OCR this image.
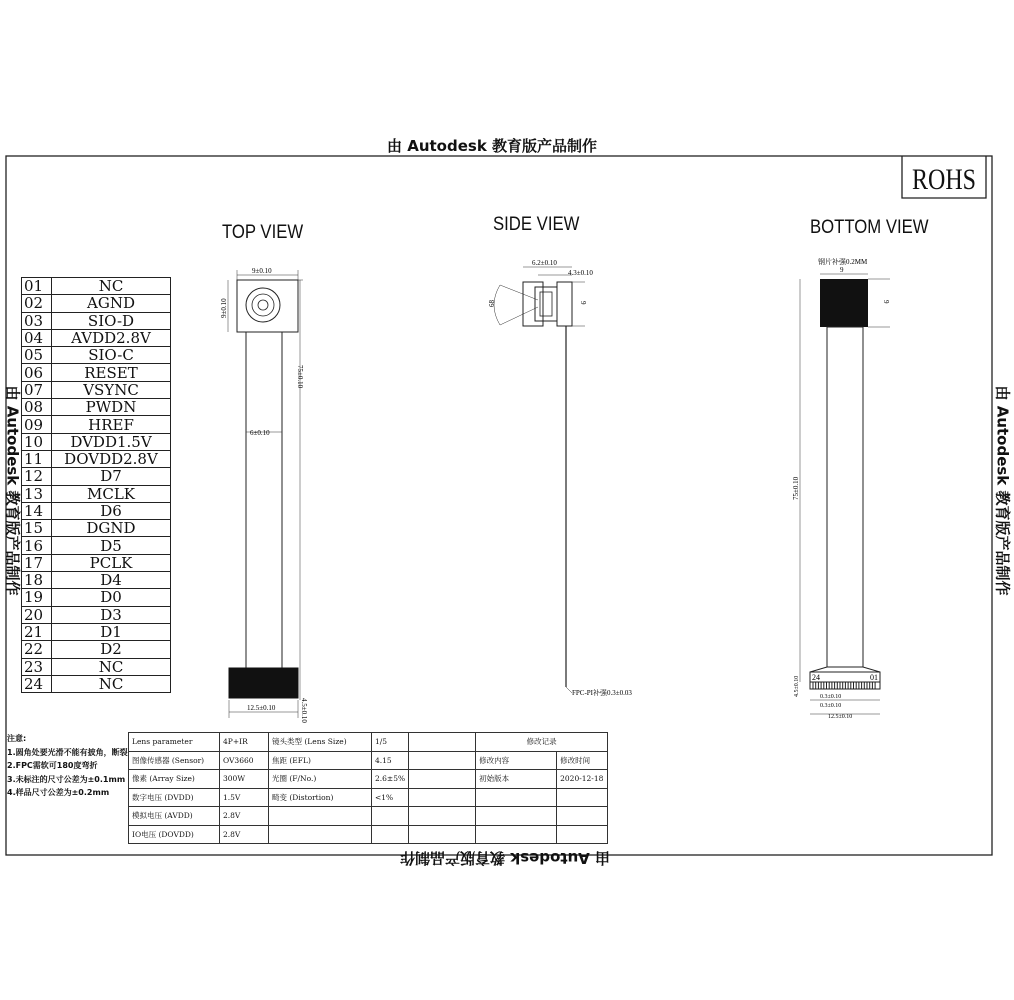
由 Autodesk 教育版产品制作
由 Autodesk 教育版产品制作
由 Autodesk 教育版产品制作
由 Autodesk 教育版产品制作
ROHS
TOP VIEW	SIDE VIEW	BOTTOM VIEW
01	NC
02	AGND
03	SIO-D
04	AVDD2.8V
05	SIO-C
06	RESET
07	VSYNC
08	PWDN
09	HREF
10	DVDD1.5V
11	DOVDD2.8V
12	D7
13	MCLK
14	D6
15	DGND
16	D5
17	PCLK
18	D4
19	D0
20	D3
21	D1
22	D2
23	NC
24	NC
9±0.10
9±0.10
6±0.10
75±0.10
12.5±0.10	4.5±0.10
6.2±0.10
4.3±0.10
68	9
FPC-PI补强0.3±0.03
钢片补强0.2MM
9
9
75±0.10
24	01
4.5±0.10	0.3±0.10
0.3±0.10
12.5±0.10
注意:
1.圆角处要光滑不能有披角，断裂
2.FPC需软可180度弯折
3.未标注的尺寸公差为±0.1mm
4.样品尺寸公差为±0.2mm
Lens parameter	4P+IR	镜头类型 (Lens Size)	1/5		修改记录	
图像传感器 (Sensor)	OV3660	焦距 (EFL)	4.15		修改内容	修改时间
像素 (Array Size)	300W	光圈 (F/No.)	2.6±5%		初始版本	2020-12-18
数字电压 (DVDD)	1.5V	畸变 (Distortion)	<1%			
模拟电压 (AVDD)	2.8V					
IO电压 (DOVDD)	2.8V					
